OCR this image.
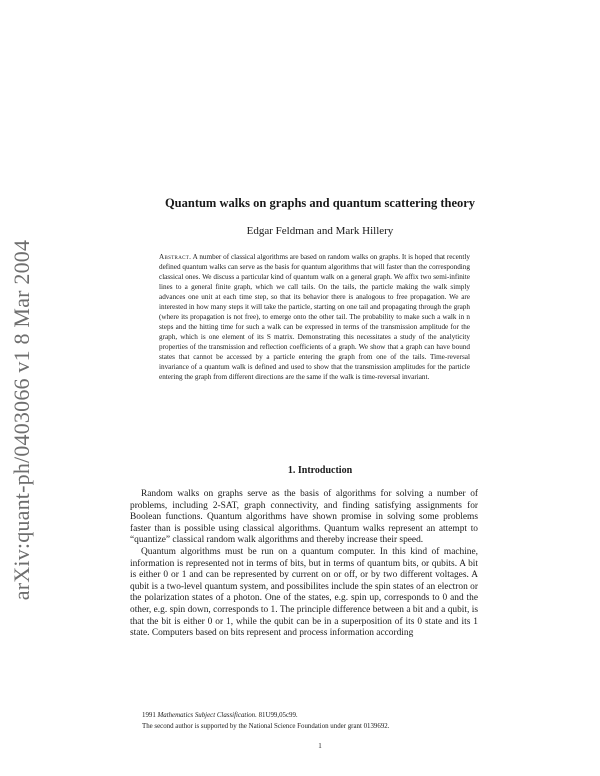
arXiv:quant-ph/0403066 v1 8 Mar 2004
Quantum walks on graphs and quantum scattering theory
Edgar Feldman and Mark Hillery
Abstract. A number of classical algorithms are based on random walks on graphs. It is hoped that recently defined quantum walks can serve as the basis for quantum algorithms that will faster than the corresponding classical ones. We discuss a particular kind of quantum walk on a general graph. We affix two semi-infinite lines to a general finite graph, which we call tails. On the tails, the particle making the walk simply advances one unit at each time step, so that its behavior there is analogous to free propagation. We are interested in how many steps it will take the particle, starting on one tail and propagating through the graph (where its propagation is not free), to emerge onto the other tail. The probability to make such a walk in n steps and the hitting time for such a walk can be expressed in terms of the transmission amplitude for the graph, which is one element of its S matrix. Demonstrating this necessitates a study of the analyticity properties of the transmission and reflection coefficients of a graph. We show that a graph can have bound states that cannot be accessed by a particle entering the graph from one of the tails. Time-reversal invariance of a quantum walk is defined and used to show that the transmission amplitudes for the particle entering the graph from different directions are the same if the walk is time-reversal invariant.
1. Introduction

Random walks on graphs serve as the basis of algorithms for solving a number of problems, including 2-SAT, graph connectivity, and finding satisfying assignments for Boolean functions. Quantum algorithms have shown promise in solving some problems faster than is possible using classical algorithms. Quantum walks represent an attempt to “quantize” classical random walk algorithms and thereby increase their speed.

Quantum algorithms must be run on a quantum computer. In this kind of machine, information is represented not in terms of bits, but in terms of quantum bits, or qubits. A bit is either 0 or 1 and can be represented by current on or off, or by two different voltages. A qubit is a two-level quantum system, and possibilites include the spin states of an electron or the polarization states of a photon. One of the states, e.g. spin up, corresponds to 0 and the other, e.g. spin down, corresponds to 1. The principle difference between a bit and a qubit, is that the bit is either 0 or 1, while the qubit can be in a superposition of its 0 state and its 1 state. Computers based on bits represent and process information according

1991 Mathematics Subject Classification. 81U99,05c99.
The second author is supported by the National Science Foundation under grant 0139692.
1
